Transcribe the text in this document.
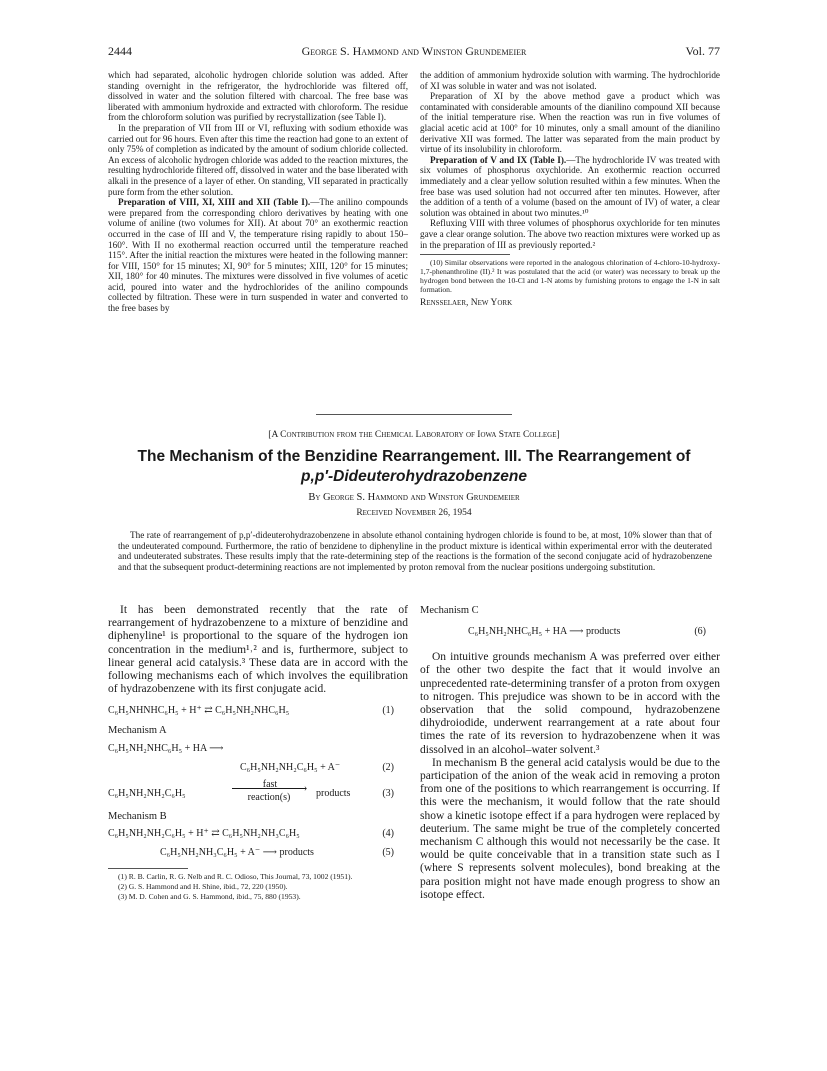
2444	George S. Hammond and Winston Grundemeier	Vol. 77

which had separated, alcoholic hydrogen chloride solution was added. After standing overnight in the refrigerator, the hydrochloride was filtered off, dissolved in water and the solution filtered with charcoal. The free base was liberated with ammonium hydroxide and extracted with chloroform. The residue from the chloroform solution was purified by recrystallization (see Table I).

In the preparation of VII from III or VI, refluxing with sodium ethoxide was carried out for 96 hours. Even after this time the reaction had gone to an extent of only 75% of completion as indicated by the amount of sodium chloride collected. An excess of alcoholic hydrogen chloride was added to the reaction mixtures, the resulting hydrochloride filtered off, dissolved in water and the base liberated with alkali in the presence of a layer of ether. On standing, VII separated in practically pure form from the ether solution.

Preparation of VIII, XI, XIII and XII (Table I).—The anilino compounds were prepared from the corresponding chloro derivatives by heating with one volume of aniline (two volumes for XII). At about 70° an exothermic reaction occurred in the case of III and V, the temperature rising rapidly to about 150–160°. With II no exothermal reaction occurred until the temperature reached 115°. After the initial reaction the mixtures were heated in the following manner: for VIII, 150° for 15 minutes; XI, 90° for 5 minutes; XIII, 120° for 15 minutes; XII, 180° for 40 minutes. The mixtures were dissolved in five volumes of acetic acid, poured into water and the hydrochlorides of the anilino compounds collected by filtration. These were in turn suspended in water and converted to the free bases by

the addition of ammonium hydroxide solution with warming. The hydrochloride of XI was soluble in water and was not isolated.

Preparation of XI by the above method gave a product which was contaminated with considerable amounts of the dianilino compound XII because of the initial temperature rise. When the reaction was run in five volumes of glacial acetic acid at 100° for 10 minutes, only a small amount of the dianilino derivative XII was formed. The latter was separated from the main product by virtue of its insolubility in chloroform.

Preparation of V and IX (Table I).—The hydrochloride IV was treated with six volumes of phosphorus oxychloride. An exothermic reaction occurred immediately and a clear yellow solution resulted within a few minutes. When the free base was used solution had not occurred after ten minutes. However, after the addition of a tenth of a volume (based on the amount of IV) of water, a clear solution was obtained in about two minutes.¹⁰

Refluxing VIII with three volumes of phosphorus oxychloride for ten minutes gave a clear orange solution. The above two reaction mixtures were worked up as in the preparation of III as previously reported.²

(10) Similar observations were reported in the analogous chlorination of 4-chloro-10-hydroxy-1,7-phenanthroline (II).² It was postulated that the acid (or water) was necessary to break up the hydrogen bond between the 10-Cl and 1-N atoms by furnishing protons to engage the 1-N in salt formation.

Rensselaer, New York
[A Contribution from the Chemical Laboratory of Iowa State College]
The Mechanism of the Benzidine Rearrangement. III. The Rearrangement of
p,p′-Dideuterohydrazobenzene
By George S. Hammond and Winston Grundemeier
Received November 26, 1954

The rate of rearrangement of p,p′-dideuterohydrazobenzene in absolute ethanol containing hydrogen chloride is found to be, at most, 10% slower than that of the undeuterated compound. Furthermore, the ratio of benzidene to diphenyline in the product mixture is identical within experimental error with the deuterated and undeuterated substrates. These results imply that the rate-determining step of the reactions is the formation of the second conjugate acid of hydrazobenzene and that the subsequent product-determining reactions are not implemented by proton removal from the nuclear positions undergoing substitution.

It has been demonstrated recently that the rate of rearrangement of hydrazobenzene to a mixture of benzidine and diphenyline¹ is proportional to the square of the hydrogen ion concentration in the medium¹˒² and is, furthermore, subject to linear general acid catalysis.³ These data are in accord with the following mechanisms each of which involves the equilibration of hydrazobenzene with its first conjugate acid.

C₆H₅NHNHC₆H₅ + H⁺ ⇄ C₆H₅NH₂NHC₆H₅	(1)
Mechanism A
C₆H₅NH₂NHC₆H₅ + HA ⟶
C₆H₅NH₂NH₂C₆H₅ + A⁻	(2)
C₆H₅NH₂NH₂C₆H₅
fast	›
reaction(s)	products	(3)
Mechanism B
C₆H₅NH₂NH₂C₆H₅ + H⁺ ⇄ C₆H₅NH₂NH₃C₆H₅	(4)
C₆H₅NH₂NH₃C₆H₅ + A⁻ ⟶ products	(5)

(1) R. B. Carlin, R. G. Nelb and R. C. Odioso, This Journal, 73, 1002 (1951).

(2) G. S. Hammond and H. Shine, ibid., 72, 220 (1950).

(3) M. D. Cohen and G. S. Hammond, ibid., 75, 880 (1953).

Mechanism C
C₆H₅NH₂NHC₆H₅ + HA ⟶ products	(6)

On intuitive grounds mechanism A was preferred over either of the other two despite the fact that it would involve an unprecedented rate-determining transfer of a proton from oxygen to nitrogen. This prejudice was shown to be in accord with the observation that the solid compound, hydrazobenzene dihydroiodide, underwent rearrangement at a rate about four times the rate of its reversion to hydrazobenzene when it was dissolved in an alcohol–water solvent.³

In mechanism B the general acid catalysis would be due to the participation of the anion of the weak acid in removing a proton from one of the positions to which rearrangement is occurring. If this were the mechanism, it would follow that the rate should show a kinetic isotope effect if a para hydrogen were replaced by deuterium. The same might be true of the completely concerted mechanism C although this would not necessarily be the case. It would be quite conceivable that in a transition state such as I (where S represents solvent molecules), bond breaking at the para position might not have made enough progress to show an isotope effect.
